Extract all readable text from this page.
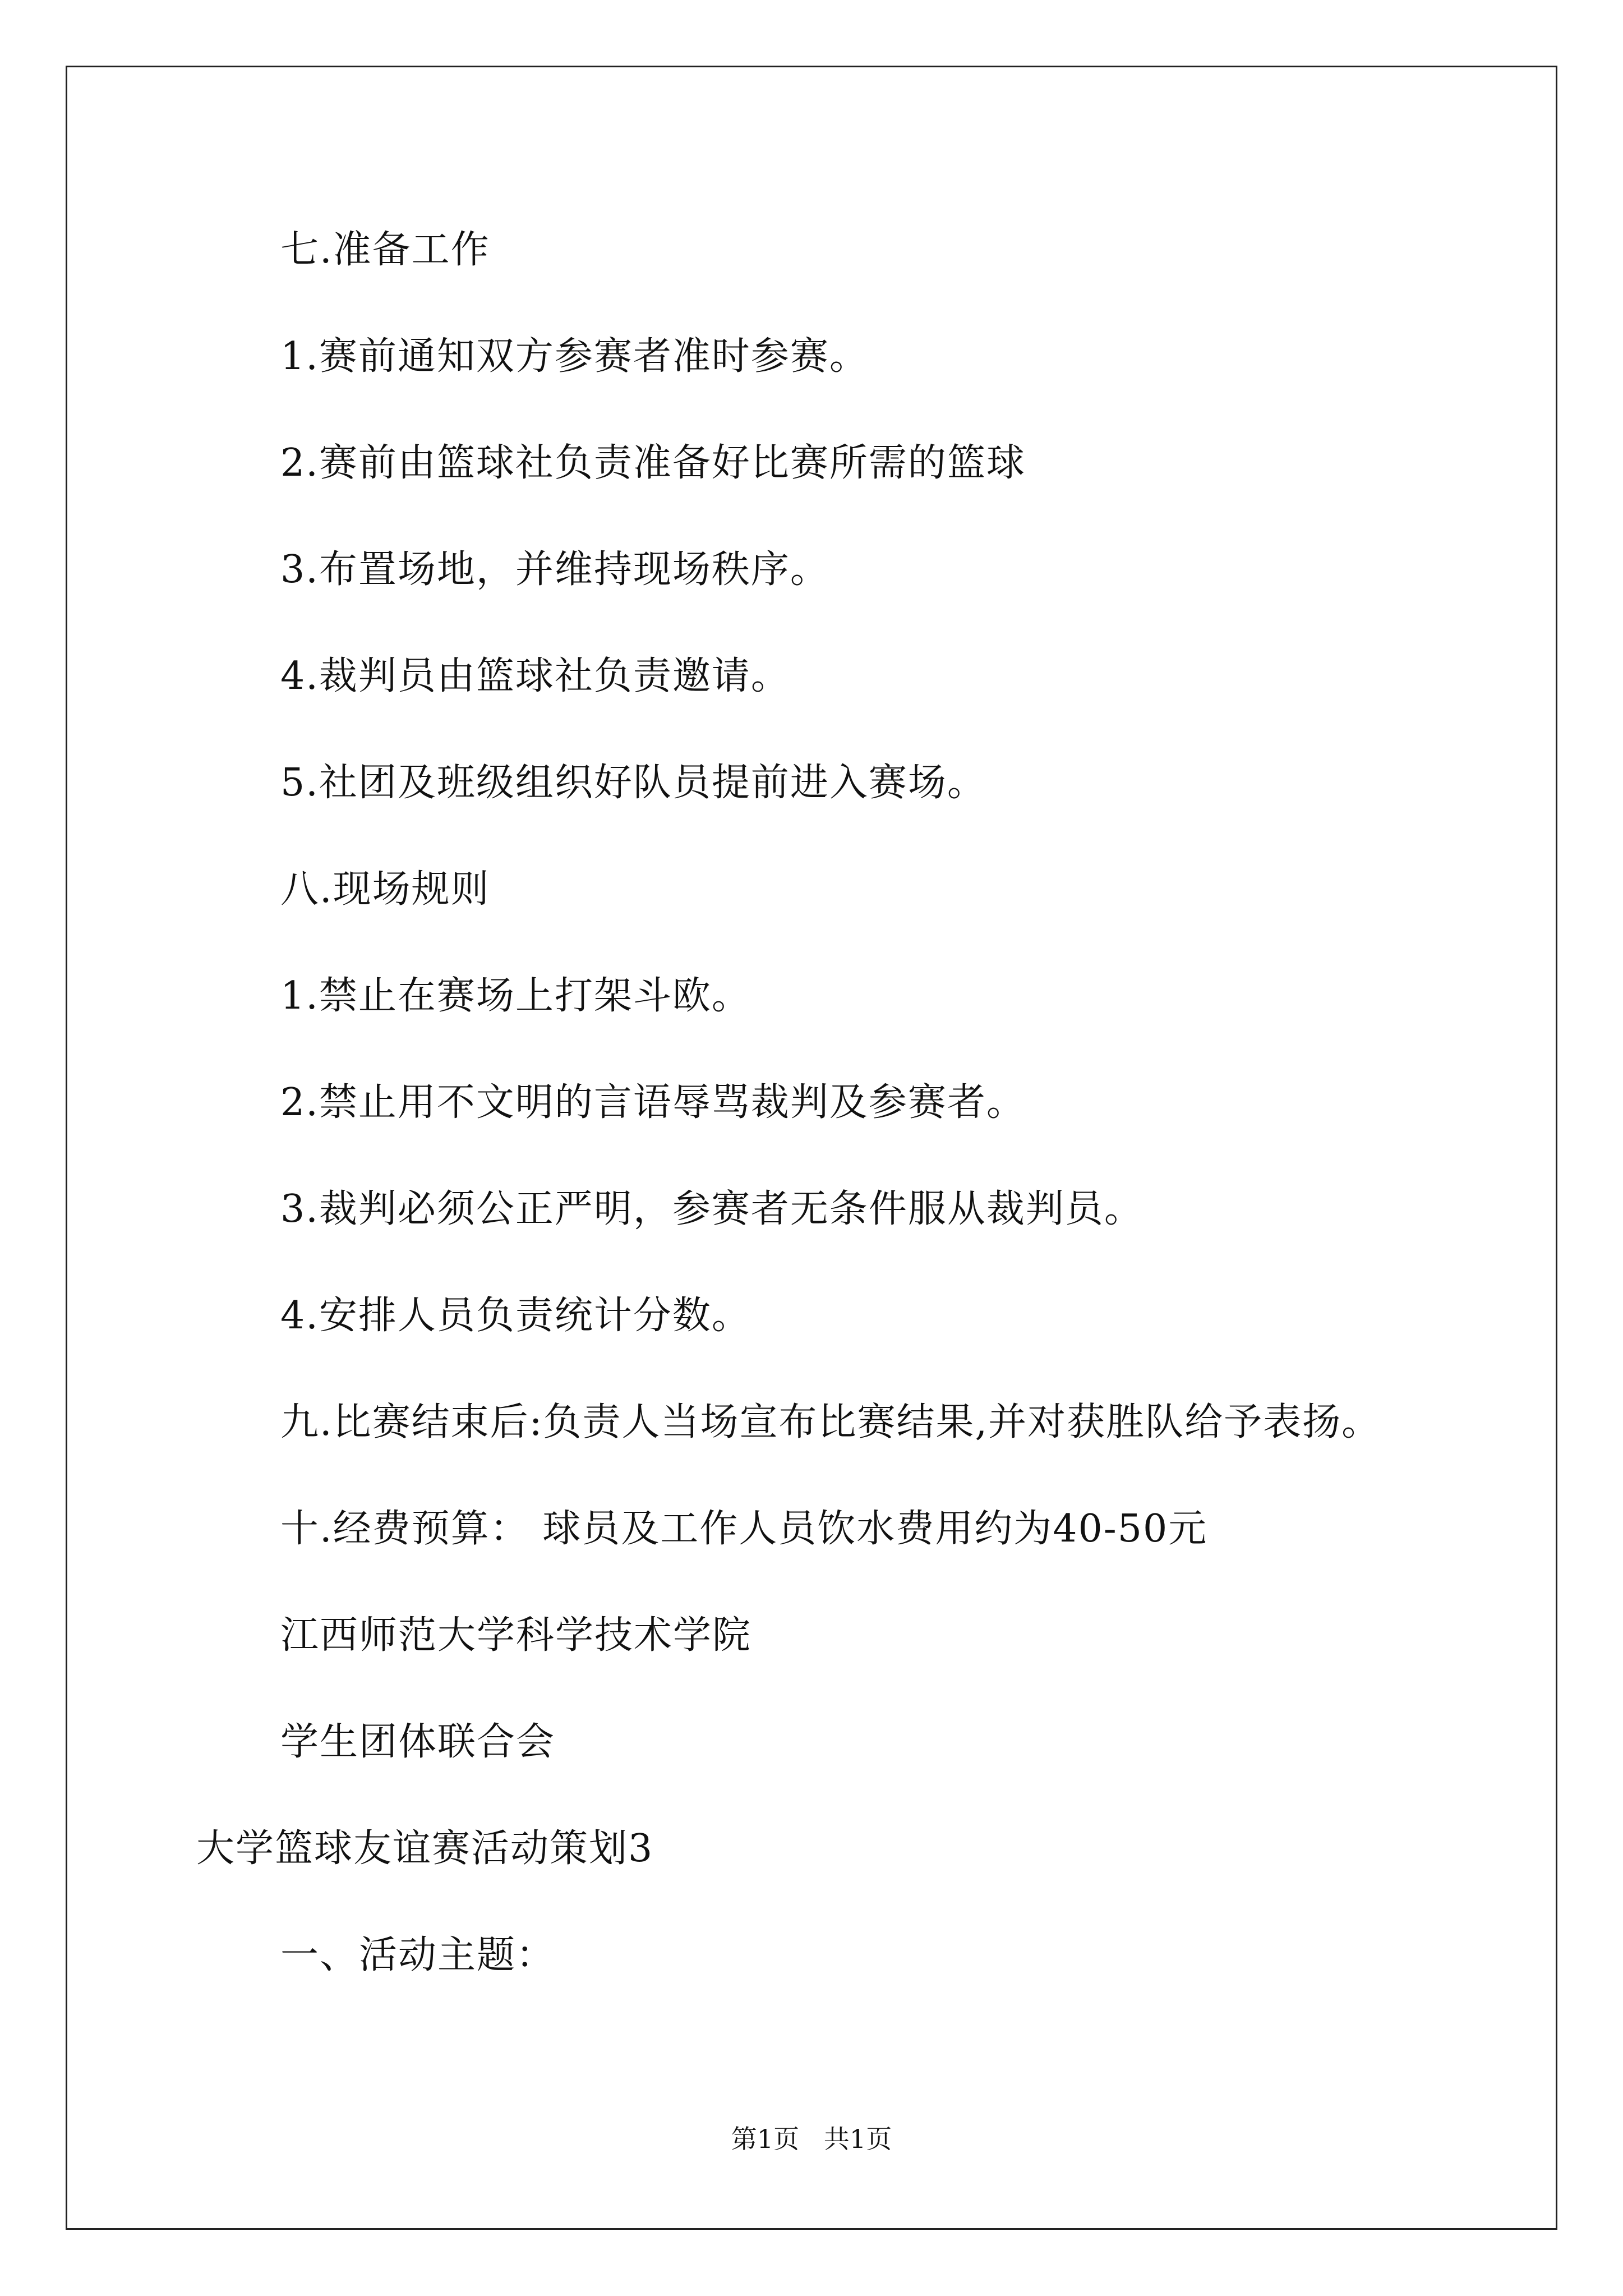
七.准备工作
1.赛前通知双方参赛者准时参赛。
2.赛前由篮球社负责准备好比赛所需的篮球
3.布置场地，并维持现场秩序。
4.裁判员由篮球社负责邀请。
5.社团及班级组织好队员提前进入赛场。
八.现场规则
1.禁止在赛场上打架斗欧。
2.禁止用不文明的言语辱骂裁判及参赛者。
3.裁判必须公正严明，参赛者无条件服从裁判员。
4.安排人员负责统计分数。
九.比赛结束后:负责人当场宣布比赛结果,并对获胜队给予表扬。
十.经费预算： 球员及工作人员饮水费用约为40-50元
江西师范大学科学技术学院
学生团体联合会
大学篮球友谊赛活动策划3
一、活动主题：
第1页   共1页
